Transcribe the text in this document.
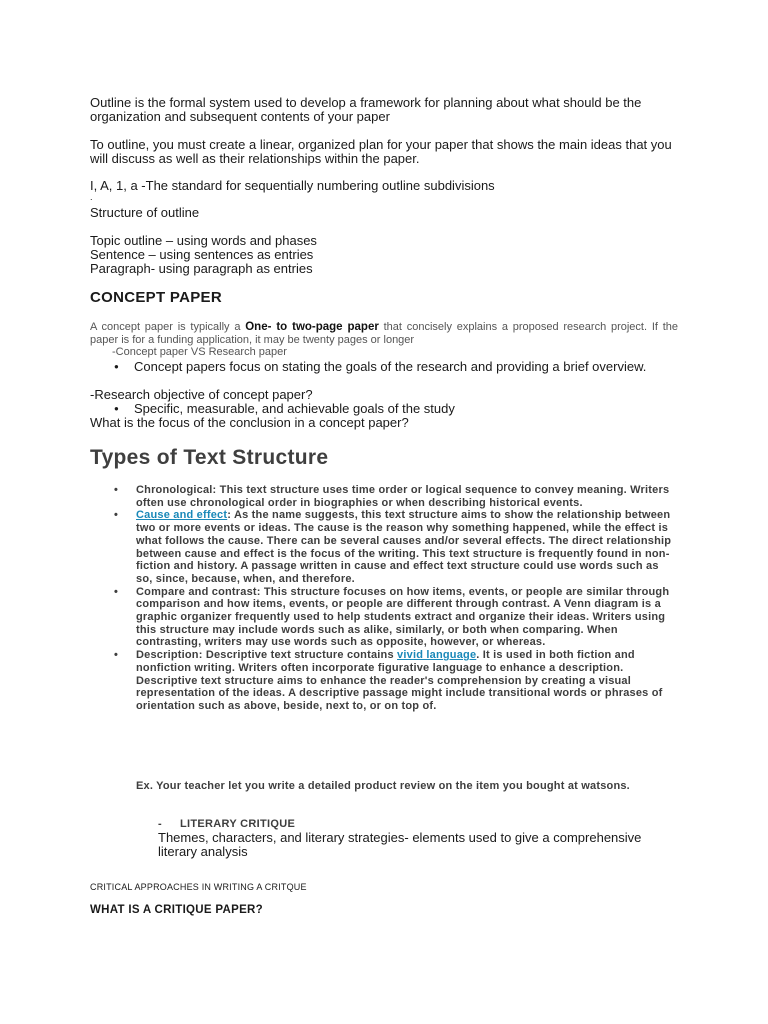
Outline is the formal system used to develop a framework for planning about what should be the organization and subsequent contents of your paper

To outline, you must create a linear, organized plan for your paper that shows the main ideas that you will discuss as well as their relationships within the paper.

I, A, 1, a -The standard for sequentially numbering outline subdivisions

.

Structure of outline

Topic outline – using words and phases

Sentence – using sentences as entries

Paragraph- using paragraph as entries

CONCEPT PAPER

A concept paper is typically a One- to two-page paper that concisely explains a proposed research project. If the paper is for a funding application, it may be twenty pages or longer

-Concept paper VS Research paper

● Concept papers focus on stating the goals of the research and providing a brief overview.

-Research objective of concept paper?

● Specific, measurable, and achievable goals of the study

What is the focus of the conclusion in a concept paper?

Types of Text Structure
• Chronological: This text structure uses time order or logical sequence to convey meaning. Writers often use chronological order in biographies or when describing historical events.
• Cause and effect: As the name suggests, this text structure aims to show the relationship between two or more events or ideas. The cause is the reason why something happened, while the effect is what follows the cause. There can be several causes and/or several effects. The direct relationship between cause and effect is the focus of the writing. This text structure is frequently found in non-fiction and history. A passage written in cause and effect text structure could use words such as so, since, because, when, and therefore.
• Compare and contrast: This structure focuses on how items, events, or people are similar through comparison and how items, events, or people are different through contrast. A Venn diagram is a graphic organizer frequently used to help students extract and organize their ideas. Writers using this structure may include words such as alike, similarly, or both when comparing. When contrasting, writers may use words such as opposite, however, or whereas.
• Description: Descriptive text structure contains vivid language. It is used in both fiction and nonfiction writing. Writers often incorporate figurative language to enhance a description. Descriptive text structure aims to enhance the reader's comprehension by creating a visual representation of the ideas. A descriptive passage might include transitional words or phrases of orientation such as above, beside, next to, or on top of.

Ex. Your teacher let you write a detailed product review on the item you bought at watsons.

- LITERARY CRITIQUE

Themes, characters, and literary strategies- elements used to give a comprehensive literary analysis

CRITICAL APPROACHES IN WRITING A CRITQUE

WHAT IS A CRITIQUE PAPER?
